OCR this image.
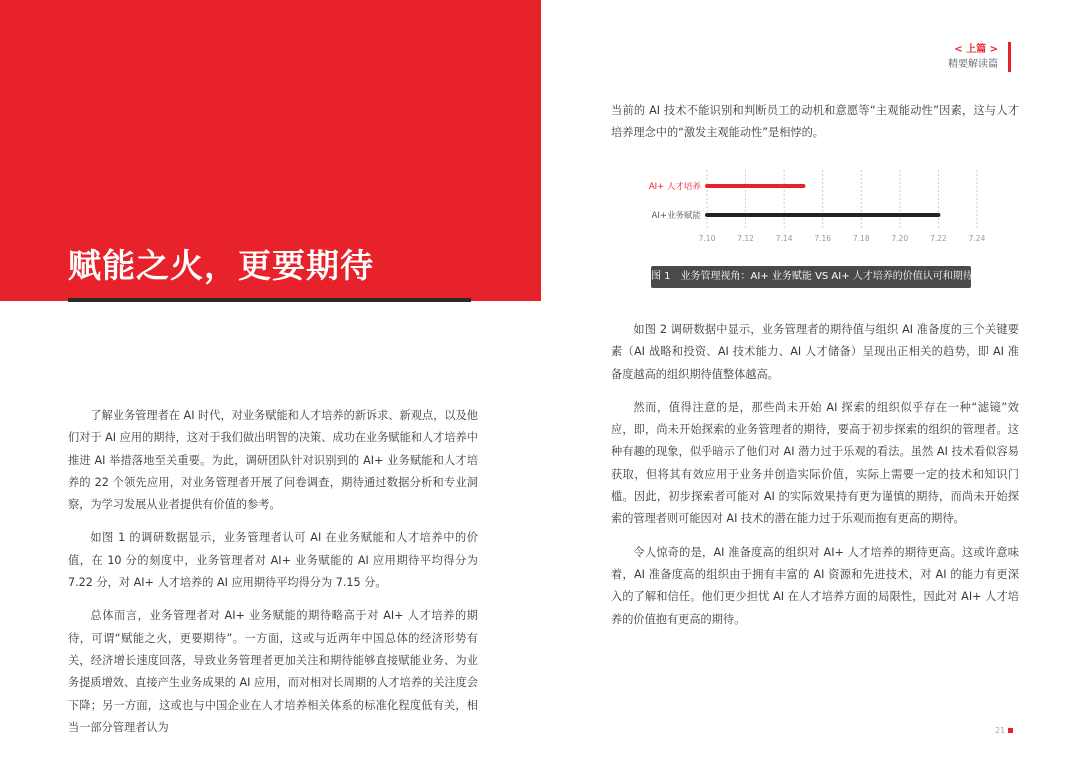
赋能之火，更要期待
< 上篇 >
精要解读篇

了解业务管理者在 AI 时代，对业务赋能和人才培养的新诉求、新观点，以及他们对于 AI 应用的期待，这对于我们做出明智的决策、成功在业务赋能和人才培养中推进 AI 举措落地至关重要。为此，调研团队针对识别到的 AI+ 业务赋能和人才培养的 22 个领先应用，对业务管理者开展了问卷调查，期待通过数据分析和专业洞察，为学习发展从业者提供有价值的参考。

如图 1 的调研数据显示，业务管理者认可 AI 在业务赋能和人才培养中的价值，在 10 分的刻度中，业务管理者对 AI+ 业务赋能的 AI 应用期待平均得分为 7.22 分，对 AI+ 人才培养的 AI 应用期待平均得分为 7.15 分。

总体而言，业务管理者对 AI+ 业务赋能的期待略高于对 AI+ 人才培养的期待，可谓“赋能之火，更要期待”。一方面，这或与近两年中国总体的经济形势有关，经济增长速度回落，导致业务管理者更加关注和期待能够直接赋能业务、为业务提质增效、直接产生业务成果的 AI 应用，而对相对长周期的人才培养的关注度会下降；另一方面，这或也与中国企业在人才培养相关体系的标准化程度低有关，相当一部分管理者认为

当前的 AI 技术不能识别和判断员工的动机和意愿等“主观能动性”因素，这与人才培养理念中的“激发主观能动性”是相悖的。

7.10	7.12	7.14	7.16	7.18	7.20	7.22	7.24
AI+ 人才培养
AI+业务赋能
图 1　业务管理视角：AI+ 业务赋能 VS AI+ 人才培养的价值认可和期待

如图 2 调研数据中显示，业务管理者的期待值与组织 AI 准备度的三个关键要素（AI 战略和投资、AI 技术能力、AI 人才储备）呈现出正相关的趋势，即 AI 准备度越高的组织期待值整体越高。

然而，值得注意的是，那些尚未开始 AI 探索的组织似乎存在一种“滤镜”效应，即，尚未开始探索的业务管理者的期待，要高于初步探索的组织的管理者。这种有趣的现象，似乎暗示了他们对 AI 潜力过于乐观的看法。虽然 AI 技术看似容易获取，但将其有效应用于业务并创造实际价值，实际上需要一定的技术和知识门槛。因此，初步探索者可能对 AI 的实际效果持有更为谨慎的期待，而尚未开始探索的管理者则可能因对 AI 技术的潜在能力过于乐观而抱有更高的期待。

令人惊奇的是，AI 准备度高的组织对 AI+ 人才培养的期待更高。这或许意味着，AI 准备度高的组织由于拥有丰富的 AI 资源和先进技术，对 AI 的能力有更深入的了解和信任。他们更少担忧 AI 在人才培养方面的局限性，因此对 AI+ 人才培养的价值抱有更高的期待。

21
